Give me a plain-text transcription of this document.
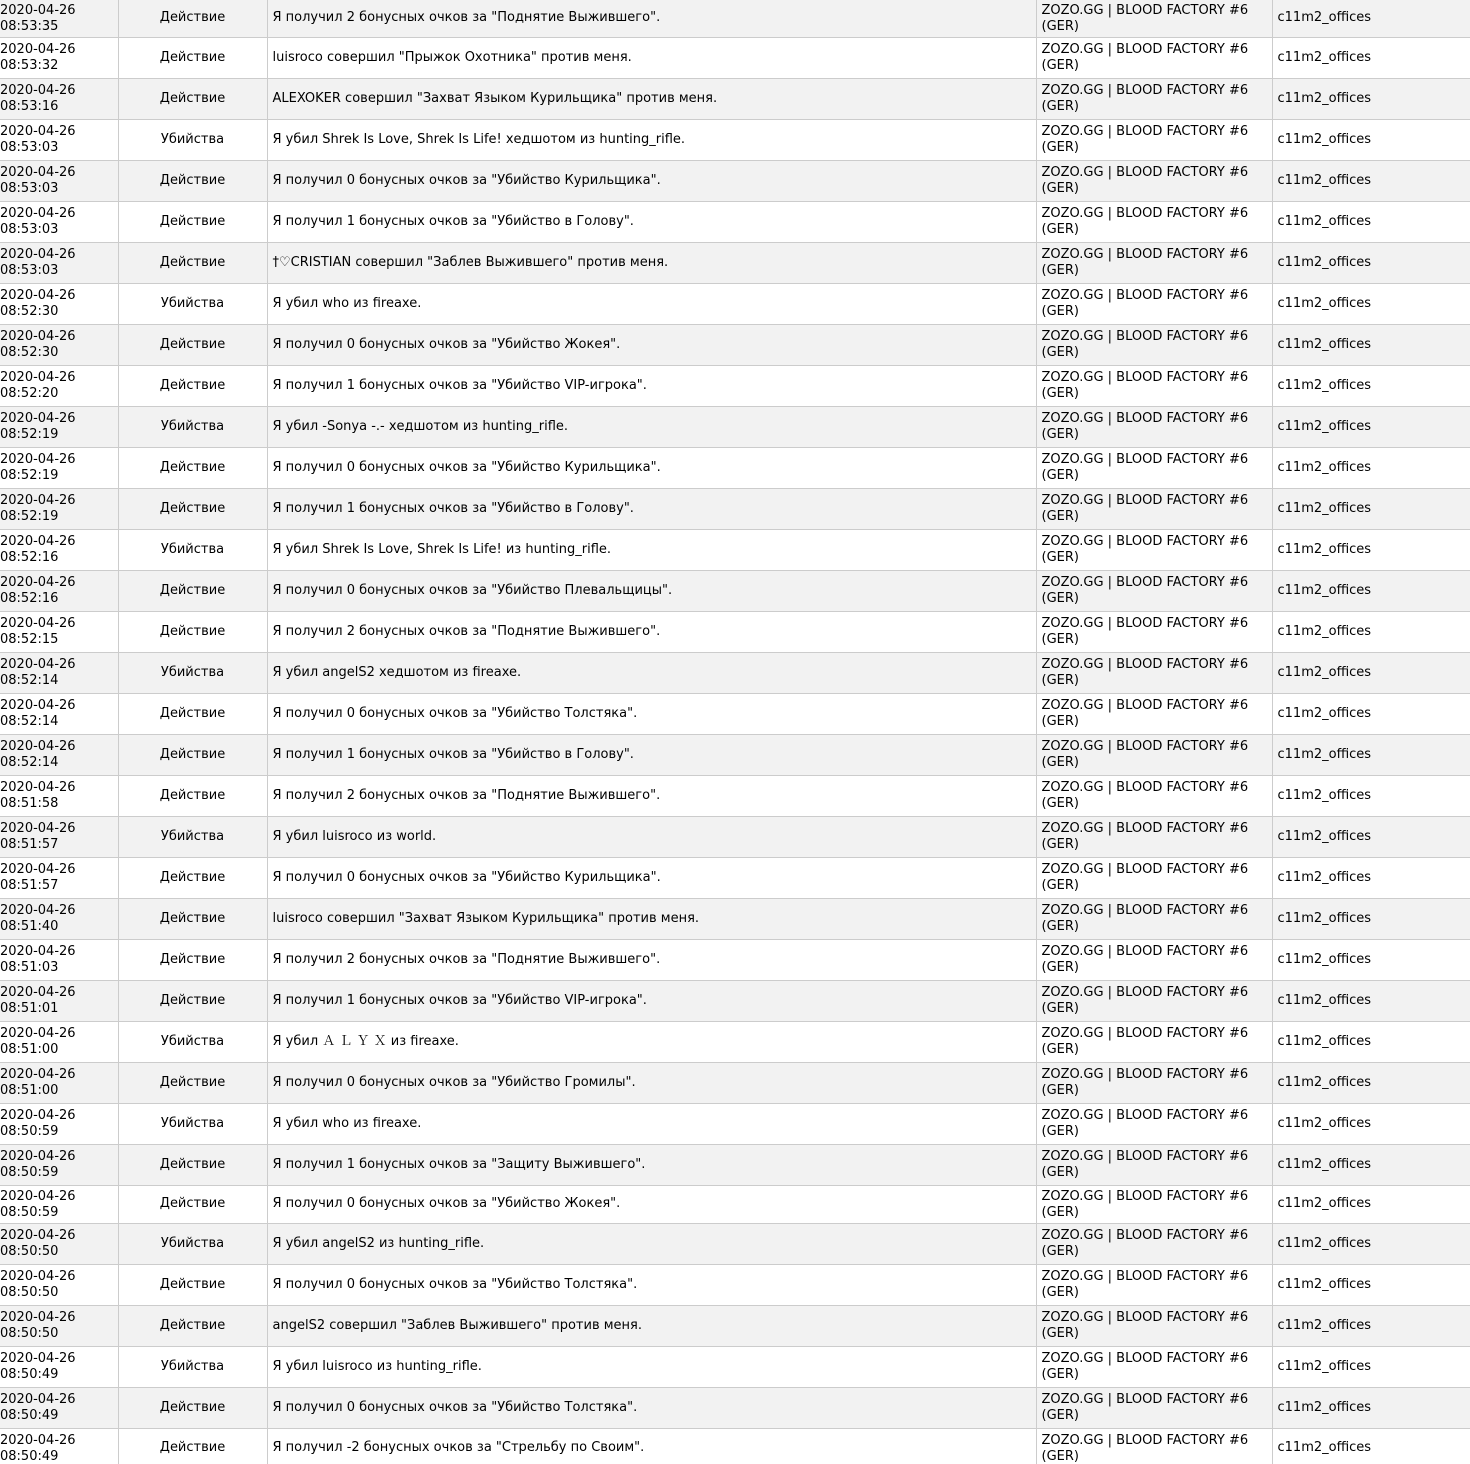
2020-04-26
08:53:35	Действие	Я получил 2 бонусных очков за "Поднятие Выжившего".	ZOZO.GG | BLOOD FACTORY #6 (GER)	c11m2_offices

2020-04-26
08:53:32	Действие	luisroco совершил "Прыжок Охотника" против меня.	ZOZO.GG | BLOOD FACTORY #6 (GER)	c11m2_offices

2020-04-26
08:53:16	Действие	ALEXOKER совершил "Захват Языком Курильщика" против меня.	ZOZO.GG | BLOOD FACTORY #6 (GER)	c11m2_offices

2020-04-26
08:53:03	Убийства	Я убил Shrek Is Love, Shrek Is Life! хедшотом из hunting_rifle.	ZOZO.GG | BLOOD FACTORY #6 (GER)	c11m2_offices

2020-04-26
08:53:03	Действие	Я получил 0 бонусных очков за "Убийство Курильщика".	ZOZO.GG | BLOOD FACTORY #6 (GER)	c11m2_offices

2020-04-26
08:53:03	Действие	Я получил 1 бонусных очков за "Убийство в Голову".	ZOZO.GG | BLOOD FACTORY #6 (GER)	c11m2_offices

2020-04-26
08:53:03	Действие	†♡CRISTIAN совершил "Заблев Выжившего" против меня.	ZOZO.GG | BLOOD FACTORY #6 (GER)	c11m2_offices

2020-04-26
08:52:30	Убийства	Я убил who из fireaxe.	ZOZO.GG | BLOOD FACTORY #6 (GER)	c11m2_offices

2020-04-26
08:52:30	Действие	Я получил 0 бонусных очков за "Убийство Жокея".	ZOZO.GG | BLOOD FACTORY #6 (GER)	c11m2_offices

2020-04-26
08:52:20	Действие	Я получил 1 бонусных очков за "Убийство VIP-игрока".	ZOZO.GG | BLOOD FACTORY #6 (GER)	c11m2_offices

2020-04-26
08:52:19	Убийства	Я убил -Sonya -.- хедшотом из hunting_rifle.	ZOZO.GG | BLOOD FACTORY #6 (GER)	c11m2_offices

2020-04-26
08:52:19	Действие	Я получил 0 бонусных очков за "Убийство Курильщика".	ZOZO.GG | BLOOD FACTORY #6 (GER)	c11m2_offices

2020-04-26
08:52:19	Действие	Я получил 1 бонусных очков за "Убийство в Голову".	ZOZO.GG | BLOOD FACTORY #6 (GER)	c11m2_offices

2020-04-26
08:52:16	Убийства	Я убил Shrek Is Love, Shrek Is Life! из hunting_rifle.	ZOZO.GG | BLOOD FACTORY #6 (GER)	c11m2_offices

2020-04-26
08:52:16	Действие	Я получил 0 бонусных очков за "Убийство Плевальщицы".	ZOZO.GG | BLOOD FACTORY #6 (GER)	c11m2_offices

2020-04-26
08:52:15	Действие	Я получил 2 бонусных очков за "Поднятие Выжившего".	ZOZO.GG | BLOOD FACTORY #6 (GER)	c11m2_offices

2020-04-26
08:52:14	Убийства	Я убил angelS2 хедшотом из fireaxe.	ZOZO.GG | BLOOD FACTORY #6 (GER)	c11m2_offices

2020-04-26
08:52:14	Действие	Я получил 0 бонусных очков за "Убийство Толстяка".	ZOZO.GG | BLOOD FACTORY #6 (GER)	c11m2_offices

2020-04-26
08:52:14	Действие	Я получил 1 бонусных очков за "Убийство в Голову".	ZOZO.GG | BLOOD FACTORY #6 (GER)	c11m2_offices

2020-04-26
08:51:58	Действие	Я получил 2 бонусных очков за "Поднятие Выжившего".	ZOZO.GG | BLOOD FACTORY #6 (GER)	c11m2_offices

2020-04-26
08:51:57	Убийства	Я убил luisroco из world.	ZOZO.GG | BLOOD FACTORY #6 (GER)	c11m2_offices

2020-04-26
08:51:57	Действие	Я получил 0 бонусных очков за "Убийство Курильщика".	ZOZO.GG | BLOOD FACTORY #6 (GER)	c11m2_offices

2020-04-26
08:51:40	Действие	luisroco совершил "Захват Языком Курильщика" против меня.	ZOZO.GG | BLOOD FACTORY #6 (GER)	c11m2_offices

2020-04-26
08:51:03	Действие	Я получил 2 бонусных очков за "Поднятие Выжившего".	ZOZO.GG | BLOOD FACTORY #6 (GER)	c11m2_offices

2020-04-26
08:51:01	Действие	Я получил 1 бонусных очков за "Убийство VIP-игрока".	ZOZO.GG | BLOOD FACTORY #6 (GER)	c11m2_offices

2020-04-26
08:51:00	Убийства	Я убил Ａ Ｌ Ｙ Ｘ из fireaxe.	ZOZO.GG | BLOOD FACTORY #6 (GER)	c11m2_offices

2020-04-26
08:51:00	Действие	Я получил 0 бонусных очков за "Убийство Громилы".	ZOZO.GG | BLOOD FACTORY #6 (GER)	c11m2_offices

2020-04-26
08:50:59	Убийства	Я убил who из fireaxe.	ZOZO.GG | BLOOD FACTORY #6 (GER)	c11m2_offices

2020-04-26
08:50:59	Действие	Я получил 1 бонусных очков за "Защиту Выжившего".	ZOZO.GG | BLOOD FACTORY #6 (GER)	c11m2_offices

2020-04-26
08:50:59	Действие	Я получил 0 бонусных очков за "Убийство Жокея".	ZOZO.GG | BLOOD FACTORY #6 (GER)	c11m2_offices

2020-04-26
08:50:50	Убийства	Я убил angelS2 из hunting_rifle.	ZOZO.GG | BLOOD FACTORY #6 (GER)	c11m2_offices

2020-04-26
08:50:50	Действие	Я получил 0 бонусных очков за "Убийство Толстяка".	ZOZO.GG | BLOOD FACTORY #6 (GER)	c11m2_offices

2020-04-26
08:50:50	Действие	angelS2 совершил "Заблев Выжившего" против меня.	ZOZO.GG | BLOOD FACTORY #6 (GER)	c11m2_offices

2020-04-26
08:50:49	Убийства	Я убил luisroco из hunting_rifle.	ZOZO.GG | BLOOD FACTORY #6 (GER)	c11m2_offices

2020-04-26
08:50:49	Действие	Я получил 0 бонусных очков за "Убийство Толстяка".	ZOZO.GG | BLOOD FACTORY #6 (GER)	c11m2_offices

2020-04-26
08:50:49	Действие	Я получил -2 бонусных очков за "Стрельбу по Своим".	ZOZO.GG | BLOOD FACTORY #6 (GER)	c11m2_offices
